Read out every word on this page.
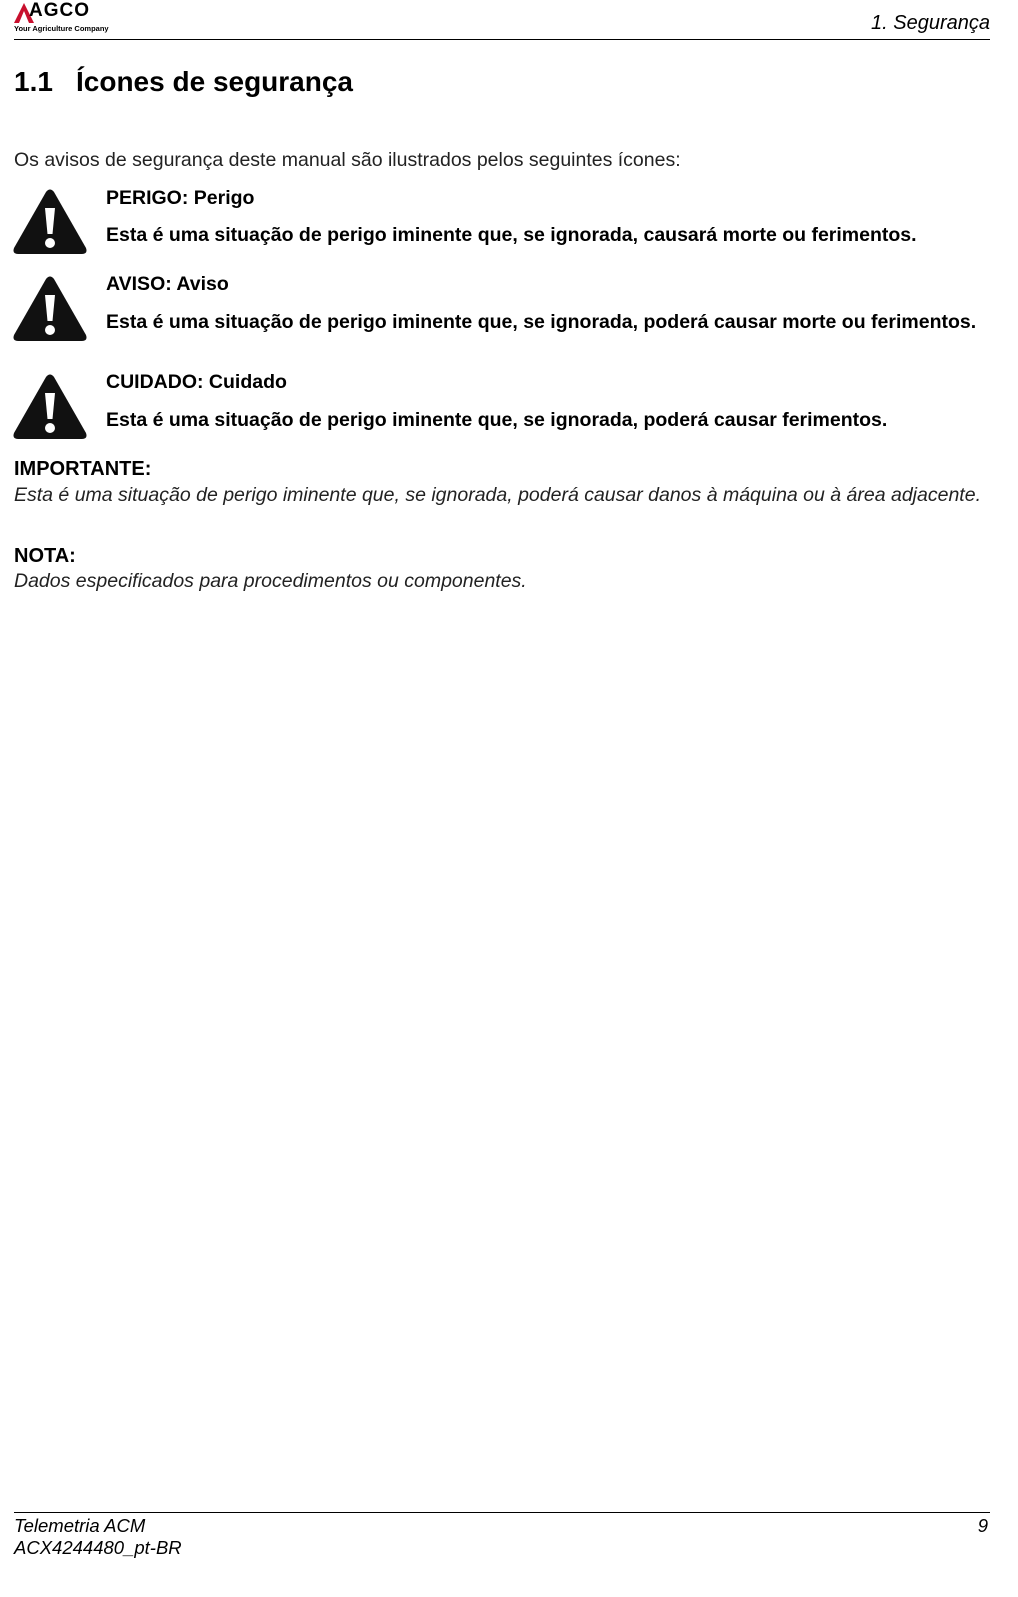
AGCO
Your Agriculture Company	1. Segurança
1.1 Ícones de segurança
Os avisos de segurança deste manual são ilustrados pelos seguintes ícones:
PERIGO: Perigo
Esta é uma situação de perigo iminente que, se ignorada, causará morte ou ferimentos.
AVISO: Aviso
Esta é uma situação de perigo iminente que, se ignorada, poderá causar morte ou ferimentos.
CUIDADO: Cuidado
Esta é uma situação de perigo iminente que, se ignorada, poderá causar ferimentos.
IMPORTANTE:
Esta é uma situação de perigo iminente que, se ignorada, poderá causar danos à máquina ou à área adjacente.
NOTA:
Dados especificados para procedimentos ou componentes.
Telemetria ACM
ACX4244480_pt-BR
9
